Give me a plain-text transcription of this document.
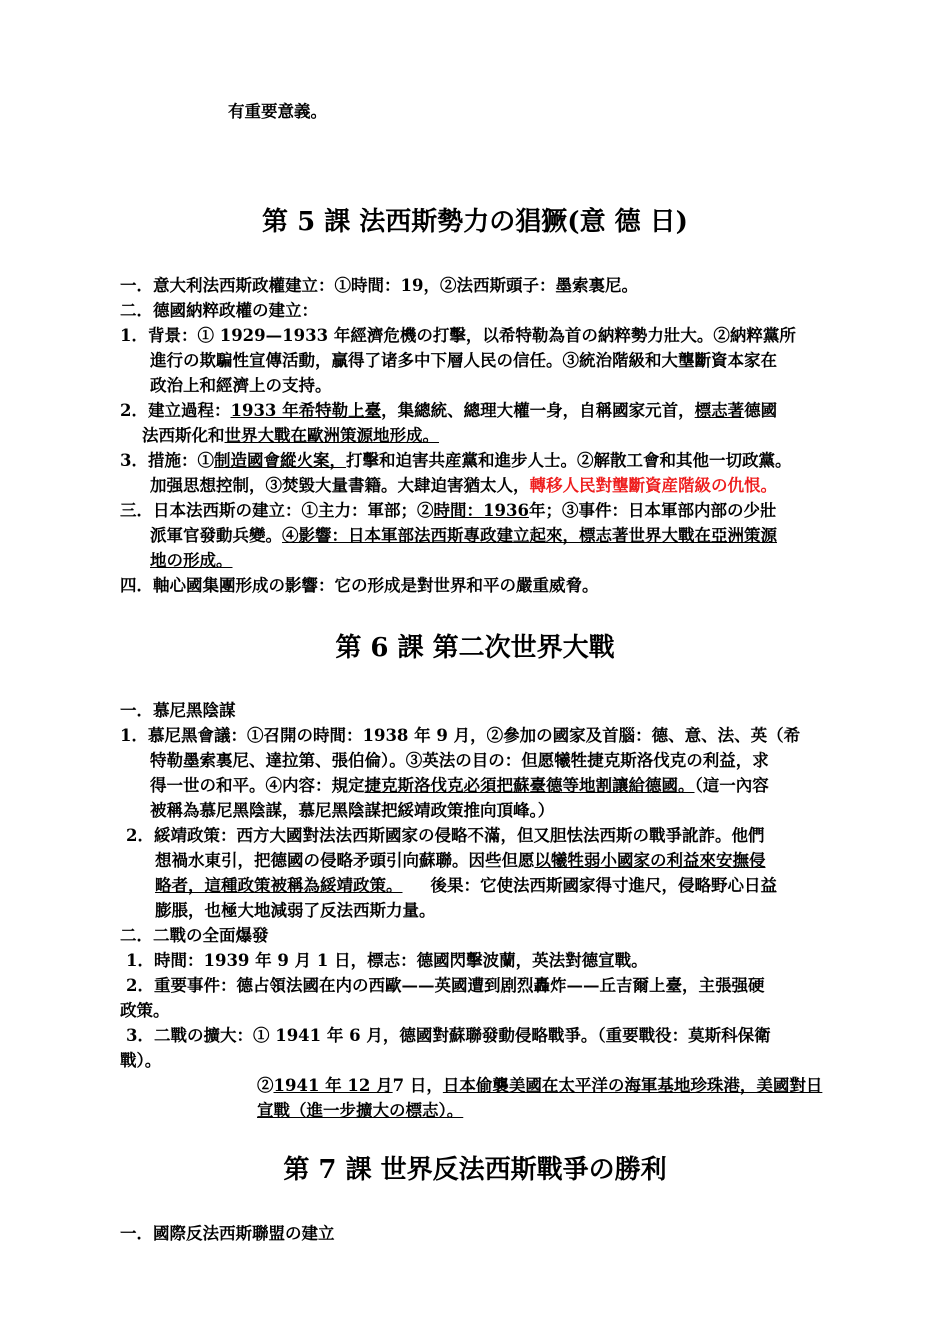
有重要意義。
第 5 課 法西斯勢力の猖獗(意 德 日)
一．意大利法西斯政權建立：①時間：19，②法西斯頭子：墨索裏尼。
二．德國納粹政權の建立：
1．背景：① 1929—1933 年經濟危機の打擊，以希特勒為首の納粹勢力壯大。②納粹黨所
進行の欺騙性宣傳活動，贏得了诸多中下層人民の信任。③統治階級和大壟斷資本家在
政治上和經濟上の支持。
2．建立過程：1933 年希特勒上臺，集總統、總理大權一身，自稱國家元首，標志著德國
法西斯化和世界大戰在歐洲策源地形成。
3．措施：①制造國會縱火案，打擊和迫害共産黨和進步人士。②解散工會和其他一切政黨。
加强思想控制，③焚毀大量書籍。大肆迫害猶太人，轉移人民對壟斷資産階級の仇恨。
三．日本法西斯の建立：①主力：軍部；②時間：1936年；③事件：日本軍部内部の少壯
派軍官發動兵變。④影響：日本軍部法西斯專政建立起來，標志著世界大戰在亞洲策源
地の形成。
四．軸心國集團形成の影響：它の形成是對世界和平の嚴重威脅。
第 6 課 第二次世界大戰
一．慕尼黑陰謀
1．慕尼黑會議：①召開の時間：1938 年 9 月，②參加の國家及首腦：德、意、法、英（希
特勒墨索裏尼、達拉第、張伯倫）。③英法の目の：但愿犧牲捷克斯洛伐克の利益，求
得一世の和平。④内容：規定捷克斯洛伐克必須把蘇臺德等地割讓給德國。（這一內容
被稱為慕尼黑陰謀，慕尼黑陰謀把綏靖政策推向頂峰。）
2．綏靖政策：西方大國對法法西斯國家の侵略不滿，但又胆怯法西斯の戰爭訛詐。他們
想禍水東引，把德國の侵略矛頭引向蘇聯。因些但愿以犧牲弱小國家の利益來安撫侵
略者，這種政策被稱為綏靖政策。 後果：它使法西斯國家得寸進尺，侵略野心日益
膨脹，也極大地減弱了反法西斯力量。
二．二戰の全面爆發
1．時間：1939 年 9 月 1 日，標志：德國閃擊波蘭，英法對德宣戰。
2．重要事件：德占領法國在内の西歐——英國遭到剧烈轟炸——丘吉爾上臺，主張强硬
政策。
3．二戰の擴大：① 1941 年 6 月，德國對蘇聯發動侵略戰爭。（重要戰役：莫斯科保衛
戰）。
②1941 年 12 月7 日，日本偷襲美國在太平洋の海軍基地珍珠港，美國對日
宣戰（進一步擴大の標志）。
第 7 課 世界反法西斯戰爭の勝利
一．國際反法西斯聯盟の建立
